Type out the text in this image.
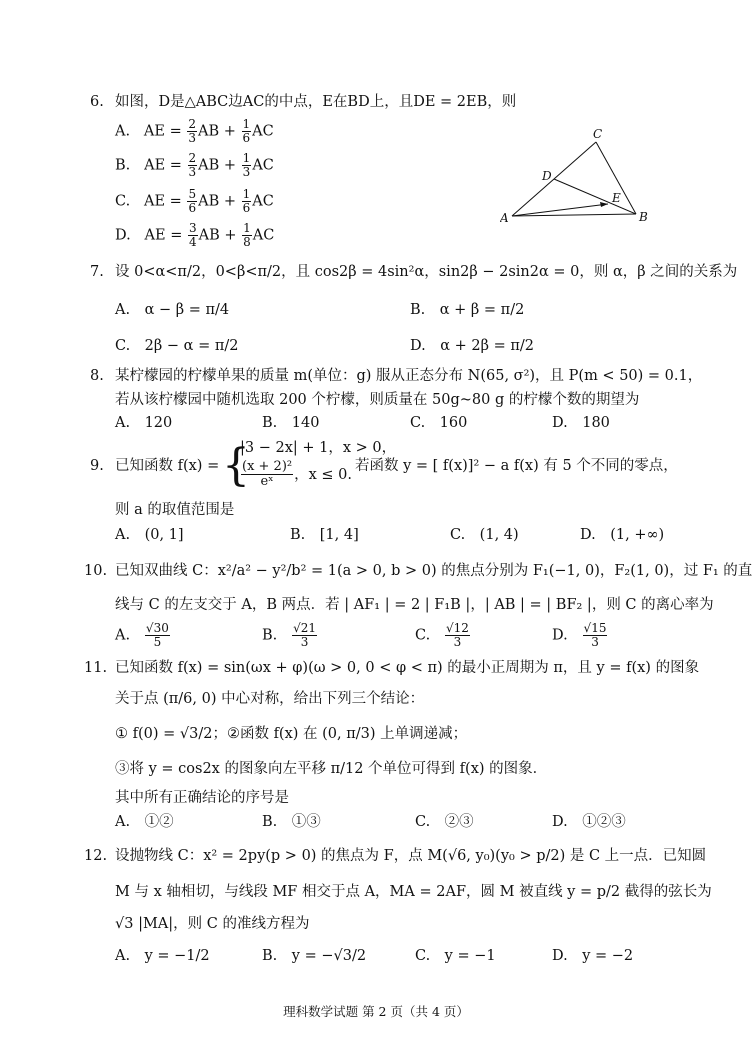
6. 如图，D是△ABC边AC的中点，E在BD上，且DE = 2EB，则
A. AE = $\frac{2}{3}$ AB + $\frac{1}{6}$ AC
B. AE = $\frac{2}{3}$ AB + $\frac{1}{3}$ AC
C. AE = $\frac{5}{6}$ AB + $\frac{1}{6}$ AC
D. AE = $\frac{3}{4}$ AB + $\frac{1}{8}$ AC
A	B
C
D
E
7. 设 0<α<π/2，0<β<π/2，且 cos2β = 4sin²α，sin2β − 2sin2α = 0，则 α，β 之间的关系为
A.　α − β = π/4	B.　α + β = π/2
C.　2β − α = π/2	D.　α + 2β = π/2
8. 某柠檬园的柠檬单果的质量 m(单位：g) 服从正态分布 N(65, σ²)，且 P(m < 50) = 0.1，
若从该柠檬园中随机选取 200 个柠檬，则质量在 50g~80 g 的柠檬个数的期望为
A.　120	B.　140	C.　160	D.　180
9. 已知函数 f(x) = {
|3 − 2x| + 1，x > 0，
$\frac{\text{(x + 2)²}}{\text{eˣ}}$ ，x ≤ 0.
若函数 y = [ f(x)]² − a f(x) 有 5 个不同的零点，
则 a 的取值范围是
A.　(0, 1]	B.　[1, 4]	C.　(1, 4)	D.　(1, +∞)
10. 已知双曲线 C：x²/a² − y²/b² = 1(a > 0, b > 0) 的焦点分别为 F₁(−1, 0)，F₂(1, 0)，过 F₁ 的直
线与 C 的左支交于 A，B 两点．若 | AF₁ | = 2 | F₁B |，| AB | = | BF₂ |，则 C 的离心率为
A. $\frac{√30}{5}$	B. $\frac{√21}{3}$	C. $\frac{√12}{3}$	D. $\frac{√15}{3}$
11. 已知函数 f(x) = sin(ωx + φ)(ω > 0, 0 < φ < π) 的最小正周期为 π，且 y = f(x) 的图象
关于点 (π/6, 0) 中心对称，给出下列三个结论：
① f(0) = √3/2；②函数 f(x) 在 (0, π/3) 上单调递减；
③将 y = cos2x 的图象向左平移 π/12 个单位可得到 f(x) 的图象．
其中所有正确结论的序号是
A.　①②	B.　①③	C.　②③	D.　①②③
12. 设抛物线 C：x² = 2py(p > 0) 的焦点为 F，点 M(√6, y₀)(y₀ > p/2) 是 C 上一点．已知圆
M 与 x 轴相切，与线段 MF 相交于点 A，MA = 2AF，圆 M 被直线 y = p/2 截得的弦长为
√3 |MA|，则 C 的准线方程为
A.　y = −1/2	B.　y = −√3/2	C.　y = −1	D.　y = −2
理科数学试题 第 2 页（共 4 页）
